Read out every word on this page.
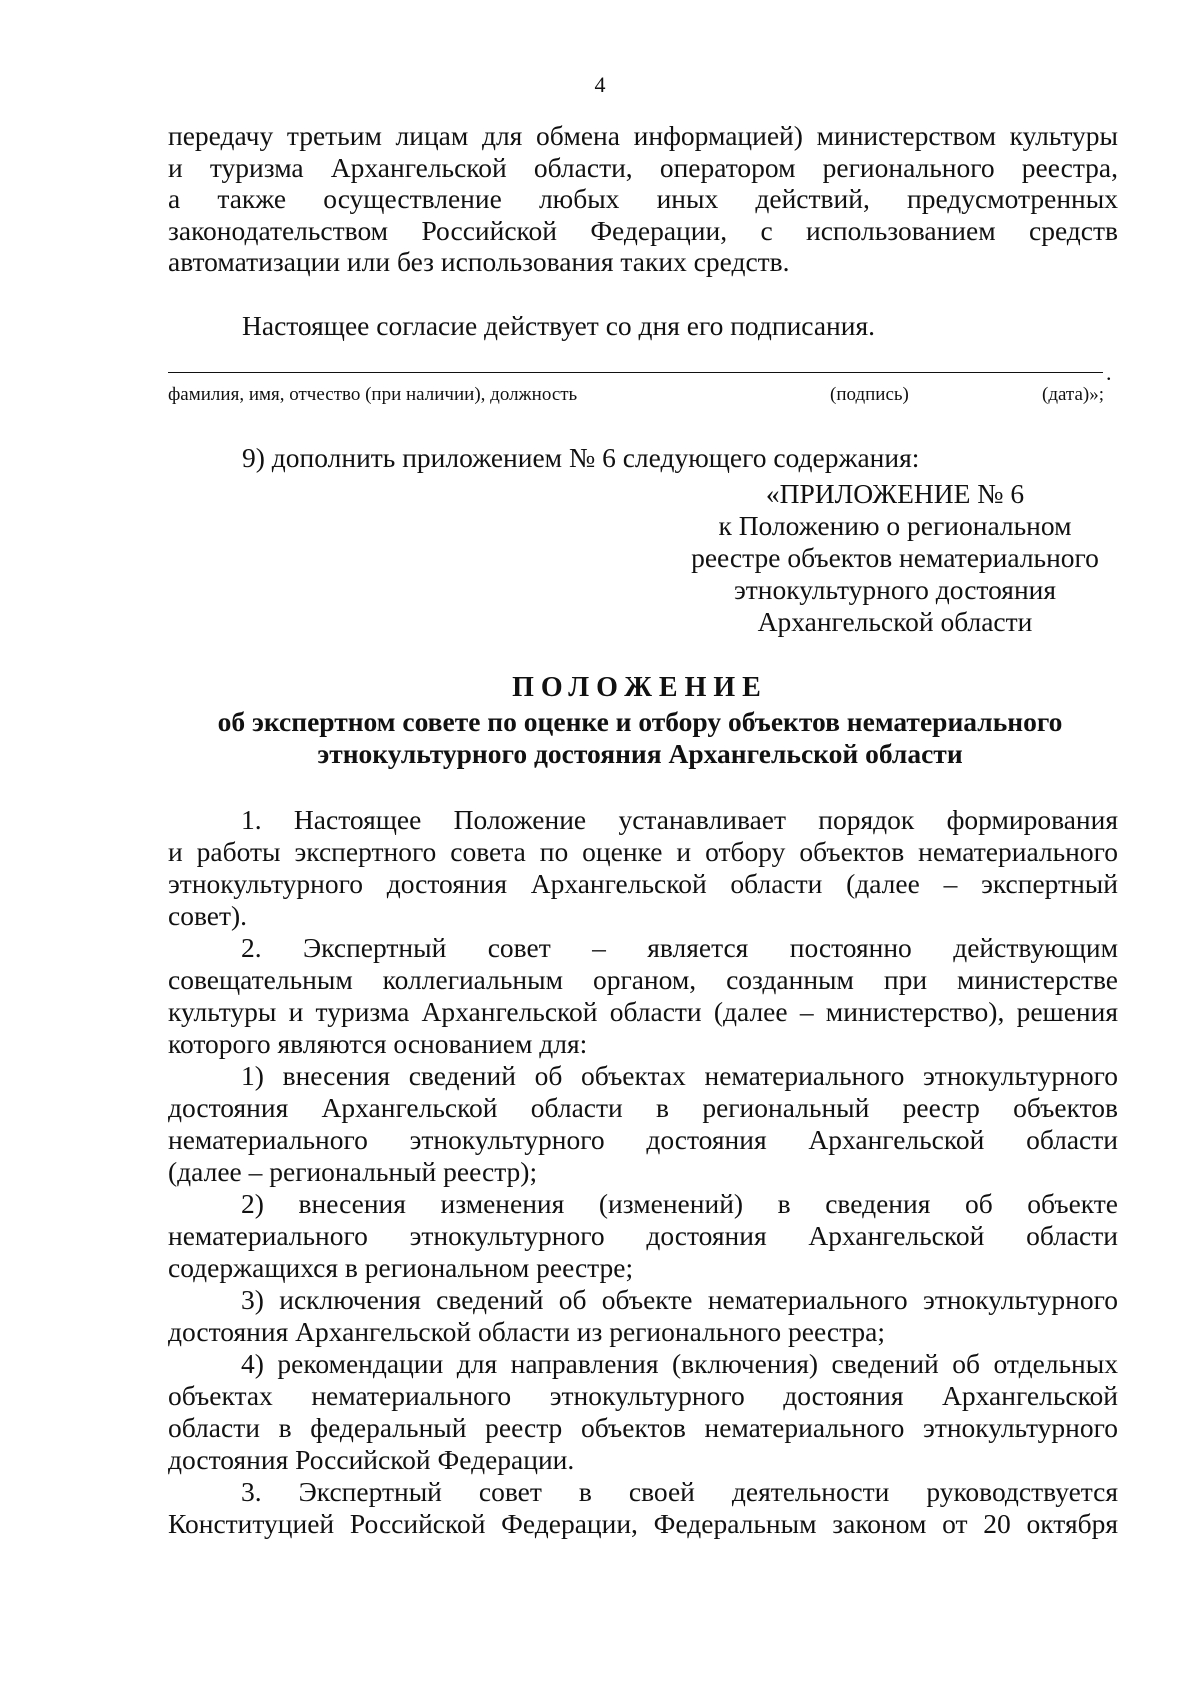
4
передачу третьим лицам для обмена информацией) министерством культуры
и туризма Архангельской области, оператором регионального реестра,
а также осуществление любых иных действий, предусмотренных
законодательством Российской Федерации, с использованием средств
автоматизации или без использования таких средств.
Настоящее согласие действует со дня его подписания.
.
фамилия, имя, отчество (при наличии), должность	(подпись)	(дата)»;
9) дополнить приложением № 6 следующего содержания:
«ПРИЛОЖЕНИЕ № 6
к Положению о региональном
реестре объектов нематериального
этнокультурного достояния
Архангельской области
ПОЛОЖЕНИЕ
об экспертном совете по оценке и отбору объектов нематериального
этнокультурного достояния Архангельской области
1. Настоящее Положение устанавливает порядок формирования
и работы экспертного совета по оценке и отбору объектов нематериального
этнокультурного достояния Архангельской области (далее – экспертный
совет).
2. Экспертный совет – является постоянно действующим
совещательным коллегиальным органом, созданным при министерстве
культуры и туризма Архангельской области (далее – министерство), решения
которого являются основанием для:
1) внесения сведений об объектах нематериального этнокультурного
достояния Архангельской области в региональный реестр объектов
нематериального этнокультурного достояния Архангельской области
(далее – региональный реестр);
2) внесения изменения (изменений) в сведения об объекте
нематериального этнокультурного достояния Архангельской области
содержащихся в региональном реестре;
3) исключения сведений об объекте нематериального этнокультурного
достояния Архангельской области из регионального реестра;
4) рекомендации для направления (включения) сведений об отдельных
объектах нематериального этнокультурного достояния Архангельской
области в федеральный реестр объектов нематериального этнокультурного
достояния Российской Федерации.
3. Экспертный совет в своей деятельности руководствуется
Конституцией Российской Федерации, Федеральным законом от 20 октября
